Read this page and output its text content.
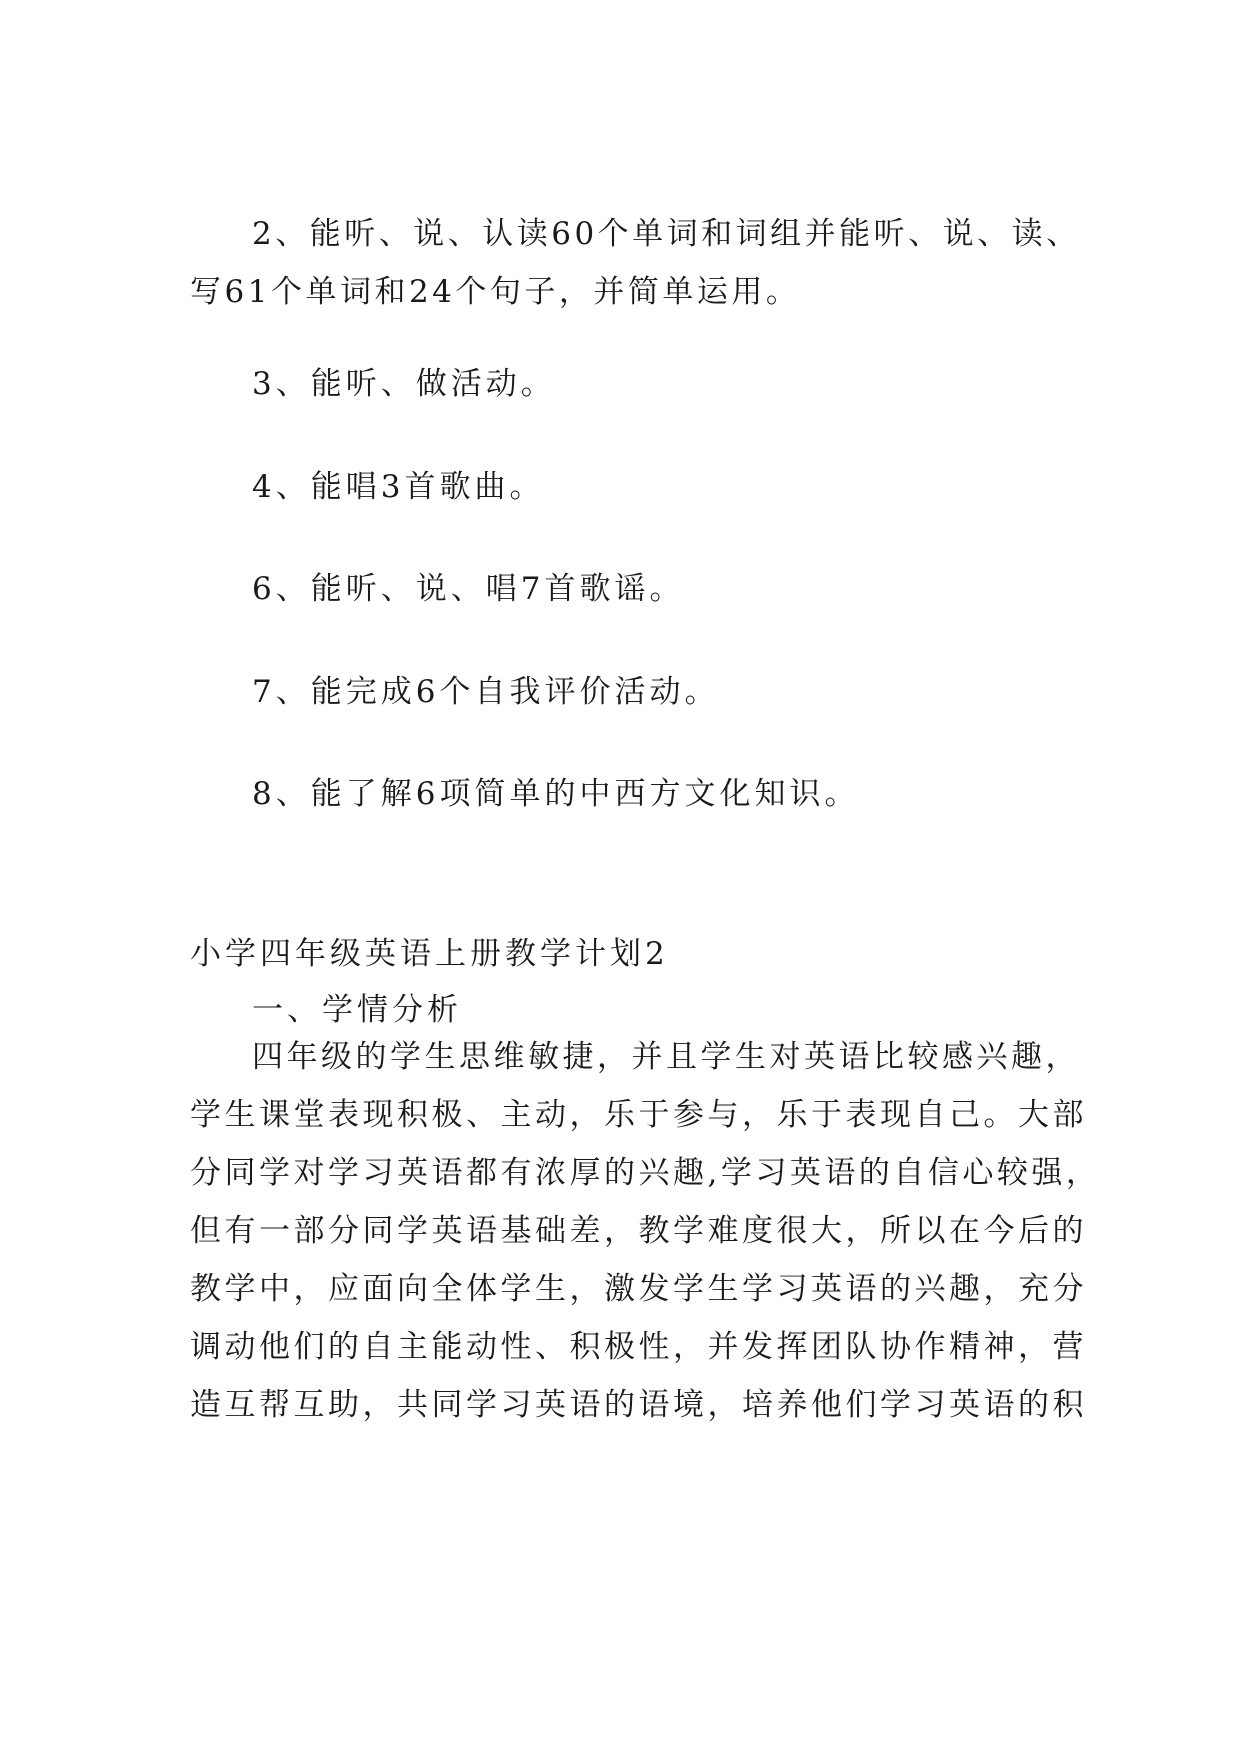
2、能听、说、认读60个单词和词组并能听、说、读、
写61个单词和24个句子，并简单运用。
3、能听、做活动。
4、能唱3首歌曲。
6、能听、说、唱7首歌谣。
7、能完成6个自我评价活动。
8、能了解6项简单的中西方文化知识。
小学四年级英语上册教学计划2
一、学情分析
四年级的学生思维敏捷，并且学生对英语比较感兴趣，
学生课堂表现积极、主动，乐于参与，乐于表现自己。大部
分同学对学习英语都有浓厚的兴趣,学习英语的自信心较强，
但有一部分同学英语基础差，教学难度很大，所以在今后的
教学中，应面向全体学生，激发学生学习英语的兴趣，充分
调动他们的自主能动性、积极性，并发挥团队协作精神，营
造互帮互助，共同学习英语的语境，培养他们学习英语的积
